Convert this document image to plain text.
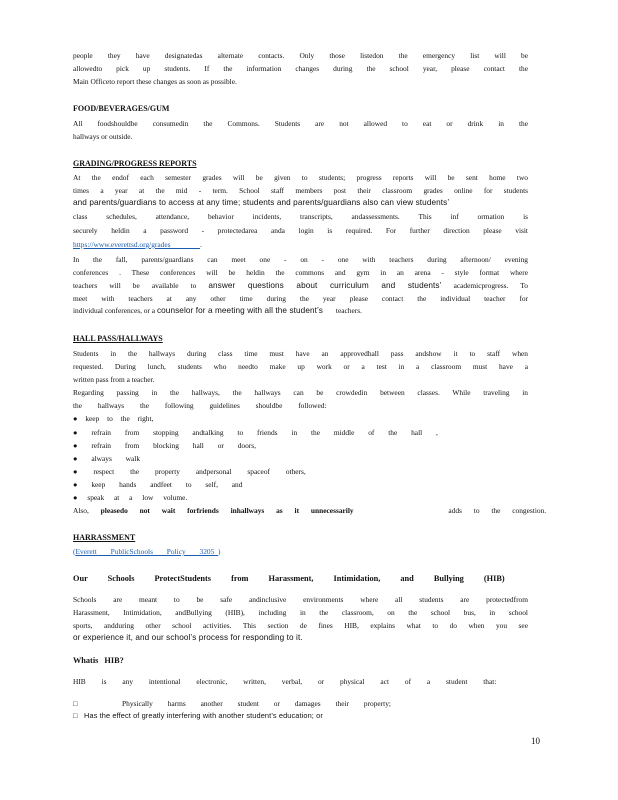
people they have designatedas alternate contacts. Only those listedon the emergency list will be
allowedto pick up students. If the information changes during the school year, please contact the
Main Officeto report these changes as soon as possible.
FOOD/BEVERAGES/GUM
All foodshouldbe consumedin the Commons. Students are not allowed to eat or drink in the
hallways or outside.
GRADING/PROGRESS REPORTS
At the endof each semester grades will be given to students; progress reports will be sent home two
times a year at the mid - term. School staff members post their classroom grades online for students
and parents/guardians to access at any time; students and parents/guardians also can view students’
class schedules, attendance, behavior incidents, transcripts, andassessments. This inf ormation is
securely heldin a password - protectedarea anda login is required. For further direction please visit
https://www.everettsd.org/grades	.
In the fall, parents/guardians can meet one - on - one with teachers during afternoon/ evening
conferences . These conferences will be heldin the commons and gym in an arena - style format where
teachers will be available to answer questions about curriculum and students’ academicprogress. To
meet with teachers at any other time during the year please contact the individual teacher for
individual conferences, or a counselor for a meeting with all the student’s teachers.
HALL PASS/HALLWAYS
Students in the hallways during class time must have an approvedhall pass andshow it to staff when
requested. During lunch, students who needto make up work or a test in a classroom must have a
written pass from a teacher.
Regarding passing in the hallways, the hallways can be crowdedin between classes. While traveling in
the hallways the following guidelines shouldbe followed:
● keep to the right,
● refrain from stopping andtalking to friends in the middle of the hall ,
● refrain from blocking hall or doors,
● always walk
● respect the property andpersonal spaceof others,
● keep hands andfeet to self, and
● speak at a low volume.
Also, pleasedo not wait forfriends inhallways as it unnecessarily	adds to the congestion.
HARRASSMENT
(Everett PublicSchools Policy 3205 )
Our Schools ProtectStudents from Harassment, Intimidation, and Bullying (HIB)
Schools are meant to be safe andinclusive environments where all students are protectedfrom
Harassment, Intimidation, andBullying (HIB), including in the classroom, on the school bus, in school
sports, andduring other school activities. This section de fines HIB, explains what to do when you see
or experience it, and our school’s process for responding to it.
Whatis HIB?
HIB is any intentional electronic, written, verbal, or physical act of a student that:
□	Physically harms another student or damages their property;
□ Has the effect of greatly interfering with another student’s education; or
10
